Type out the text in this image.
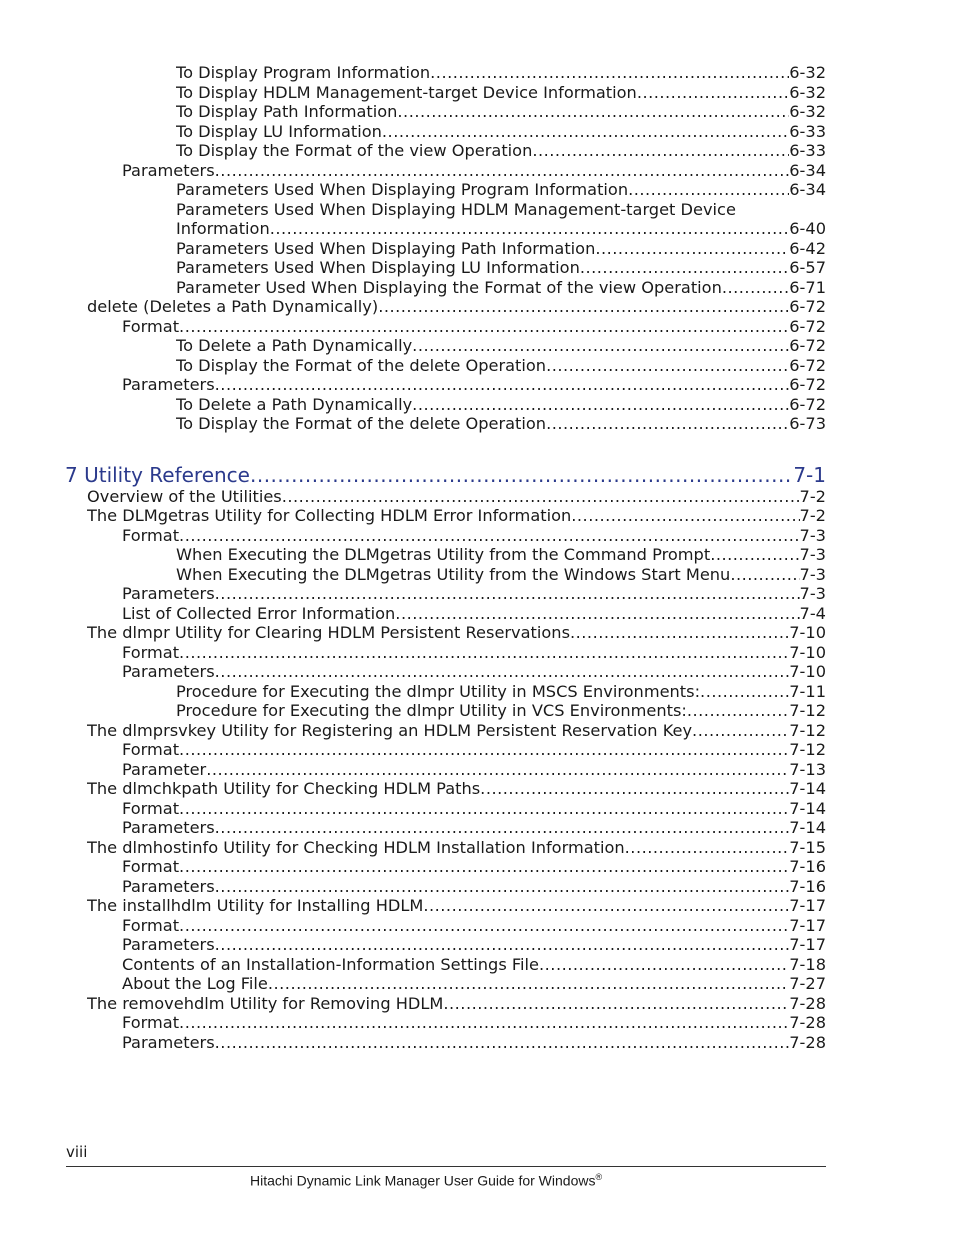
To Display Program Information .....	6-32
To Display HDLM Management-target Device Information .....	6-32
To Display Path Information .....	6-32
To Display LU Information .....	6-33
To Display the Format of the view Operation .....	6-33
Parameters .....	6-34
Parameters Used When Displaying Program Information .....	6-34
Parameters Used When Displaying HDLM Management-target Device
Information .....	6-40
Parameters Used When Displaying Path Information .....	6-42
Parameters Used When Displaying LU Information .....	6-57
Parameter Used When Displaying the Format of the view Operation .....	6-71
delete (Deletes a Path Dynamically) .....	6-72
Format .....	6-72
To Delete a Path Dynamically .....	6-72
To Display the Format of the delete Operation .....	6-72
Parameters .....	6-72
To Delete a Path Dynamically .....	6-72
To Display the Format of the delete Operation .....	6-73
7 Utility Reference .....	7-1
Overview of the Utilities .....	7-2
The DLMgetras Utility for Collecting HDLM Error Information .....	7-2
Format .....	7-3
When Executing the DLMgetras Utility from the Command Prompt .....	7-3
When Executing the DLMgetras Utility from the Windows Start Menu .....	7-3
Parameters .....	7-3
List of Collected Error Information .....	7-4
The dlmpr Utility for Clearing HDLM Persistent Reservations .....	7-10
Format .....	7-10
Parameters .....	7-10
Procedure for Executing the dlmpr Utility in MSCS Environments: .....	7-11
Procedure for Executing the dlmpr Utility in VCS Environments: .....	7-12
The dlmprsvkey Utility for Registering an HDLM Persistent Reservation Key .....	7-12
Format .....	7-12
Parameter .....	7-13
The dlmchkpath Utility for Checking HDLM Paths .....	7-14
Format .....	7-14
Parameters .....	7-14
The dlmhostinfo Utility for Checking HDLM Installation Information .....	7-15
Format .....	7-16
Parameters .....	7-16
The installhdlm Utility for Installing HDLM .....	7-17
Format .....	7-17
Parameters .....	7-17
Contents of an Installation-Information Settings File .....	7-18
About the Log File .....	7-27
The removehdlm Utility for Removing HDLM .....	7-28
Format .....	7-28
Parameters .....	7-28
viii
Hitachi Dynamic Link Manager User Guide for Windows®
